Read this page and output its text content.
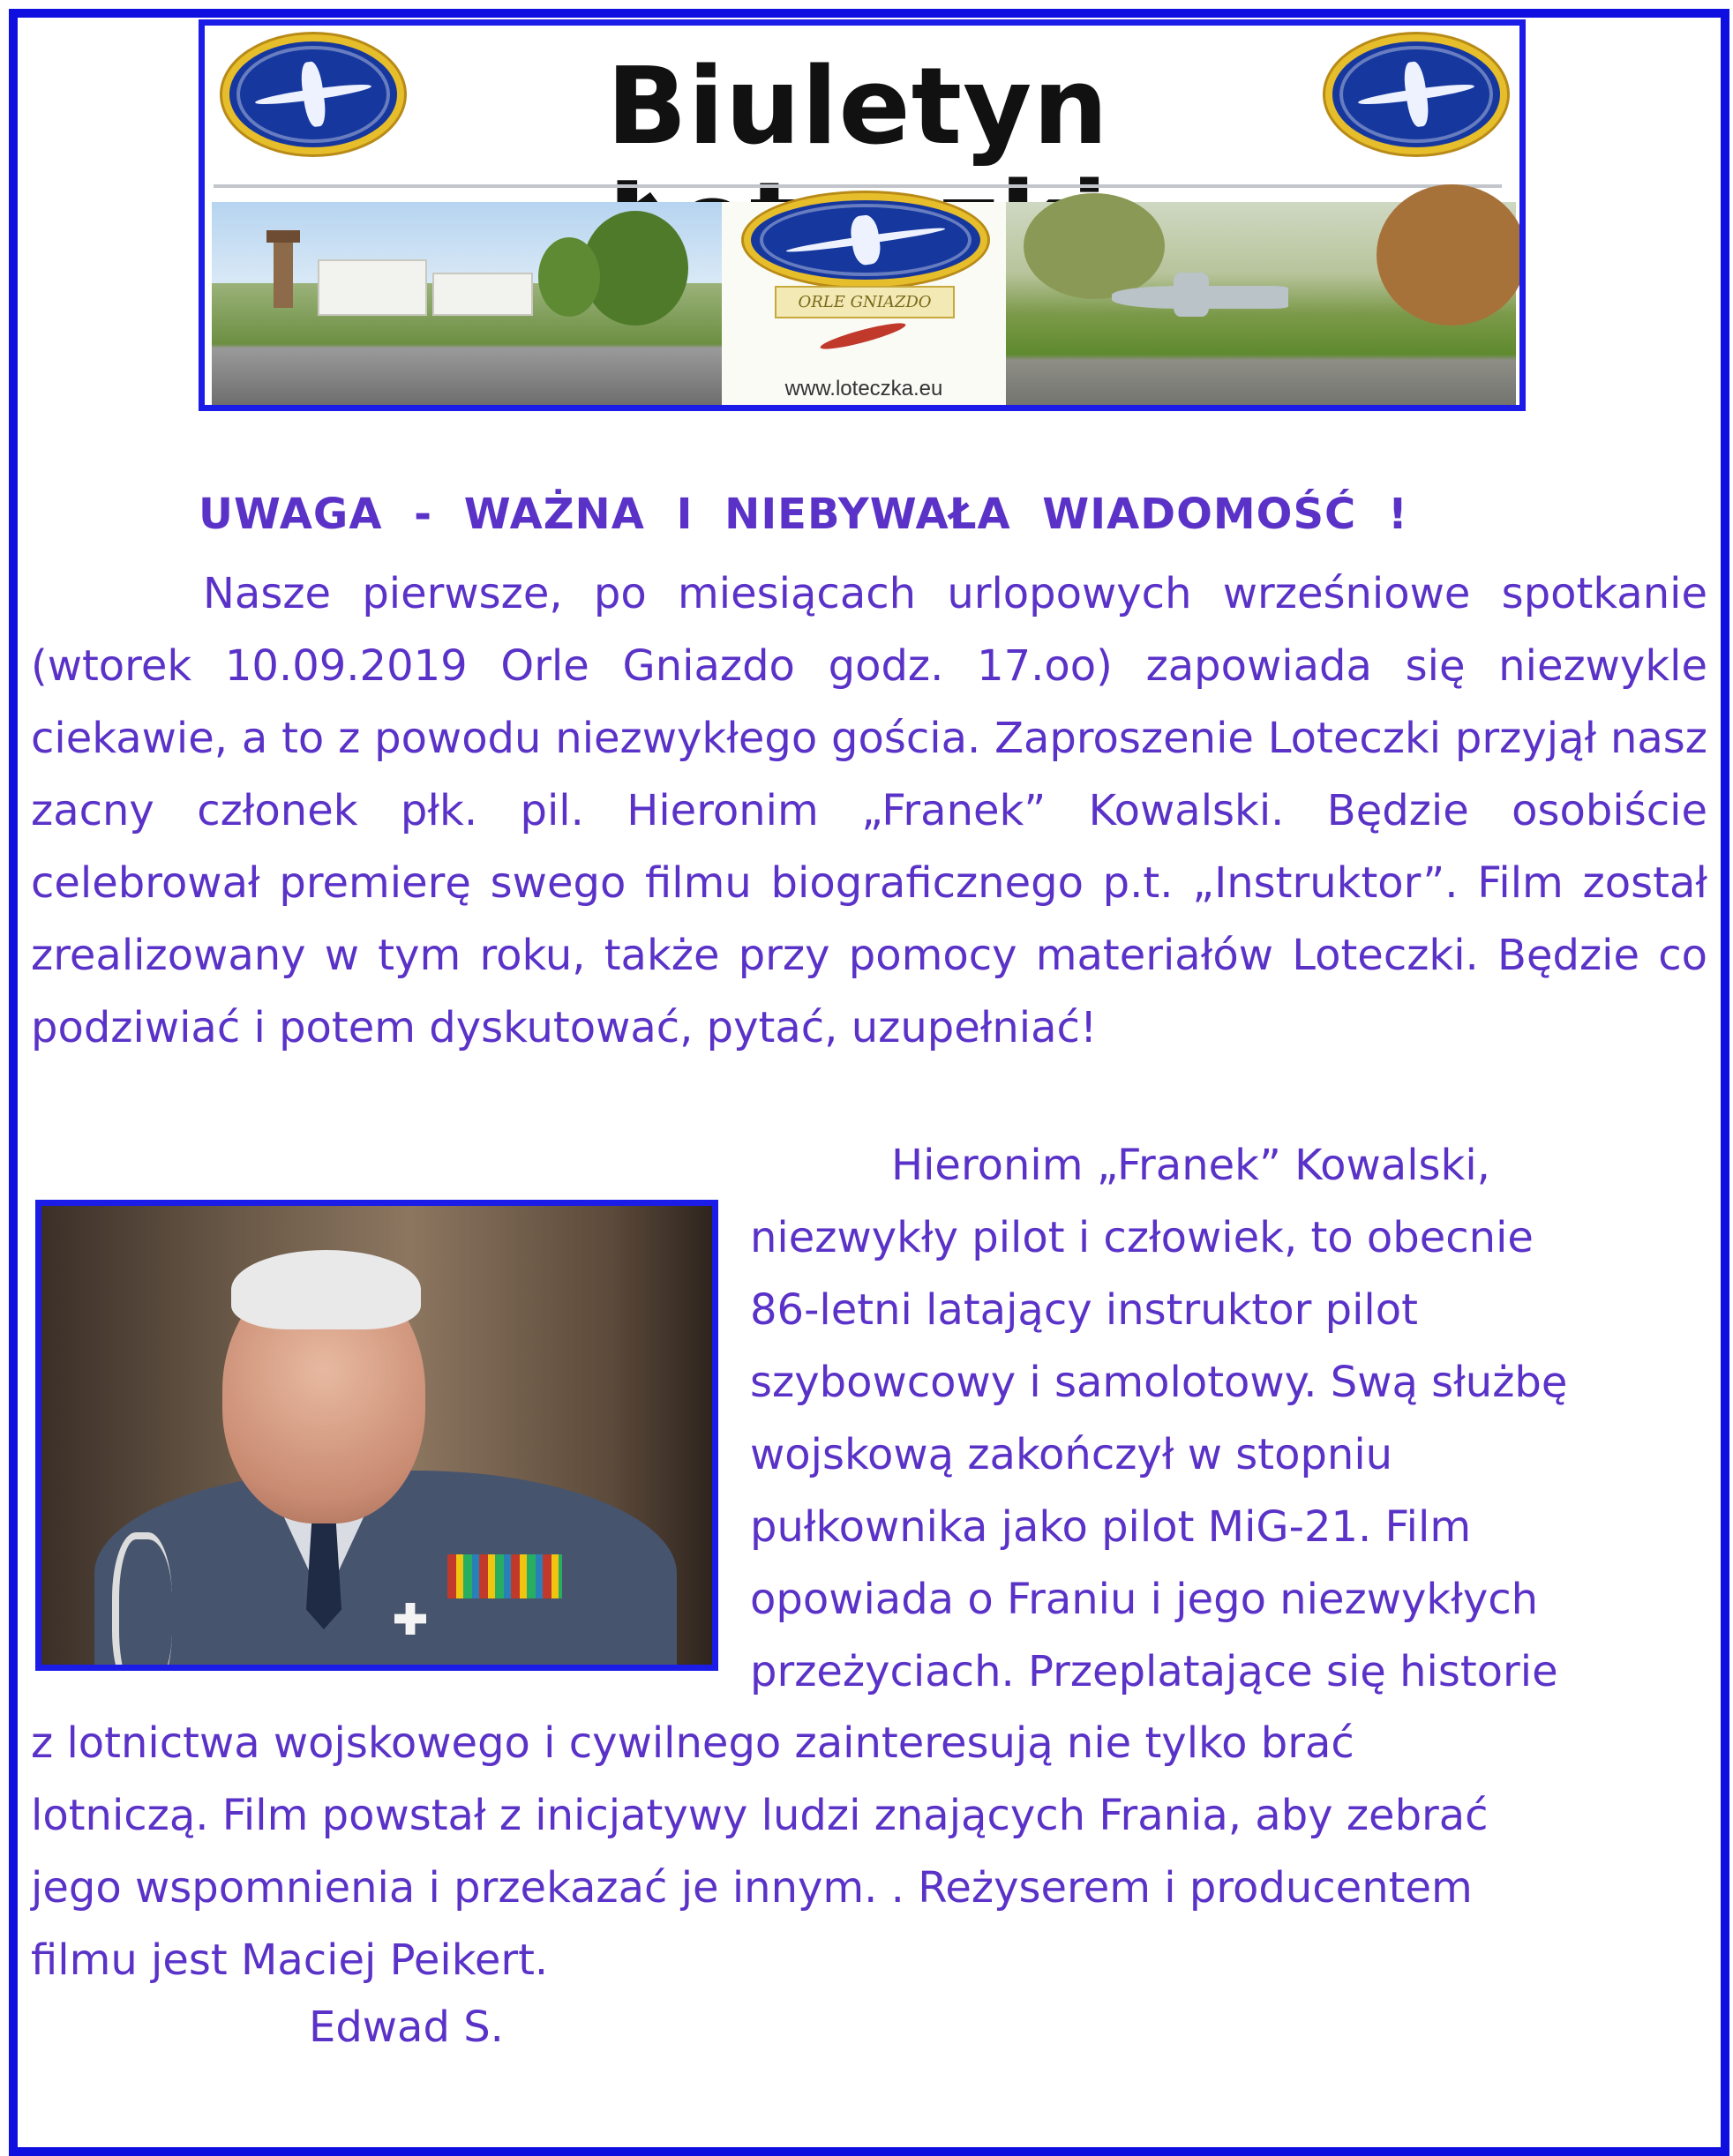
Biuletyn
ORLE GNIAZDO
www.loteczka.eu
UWAGA - WAŻNA I NIEBYWAŁA WIADOMOŚĆ !
Nasze pierwsze, po miesiącach urlopowych wrześniowe spotkanie (wtorek 10.09.2019 Orle Gniazdo godz. 17.oo) zapowiada się niezwykle ciekawie, a to z powodu niezwykłego gościa. Zaproszenie Loteczki przyjął nasz zacny członek płk. pil. Hieronim „Franek” Kowalski. Będzie osobiście celebrował premierę swego filmu biograficznego p.t. „Instruktor”. Film został zrealizowany w tym roku, także przy pomocy materiałów Loteczki. Będzie co podziwiać i potem dyskutować, pytać, uzupełniać!
Hieronim „Franek” Kowalski,
niezwykły pilot i człowiek, to obecnie
86-letni latający instruktor pilot
szybowcowy i samolotowy. Swą służbę
wojskową zakończył w stopniu
pułkownika jako pilot MiG-21. Film
opowiada o Franiu i jego niezwykłych
przeżyciach. Przeplatające się historie
z lotnictwa wojskowego i cywilnego zainteresują nie tylko brać
lotniczą. Film powstał z inicjatywy ludzi znających Frania, aby zebrać
jego wspomnienia i przekazać je innym. . Reżyserem i producentem
filmu jest Maciej Peikert.
Edwad S.
